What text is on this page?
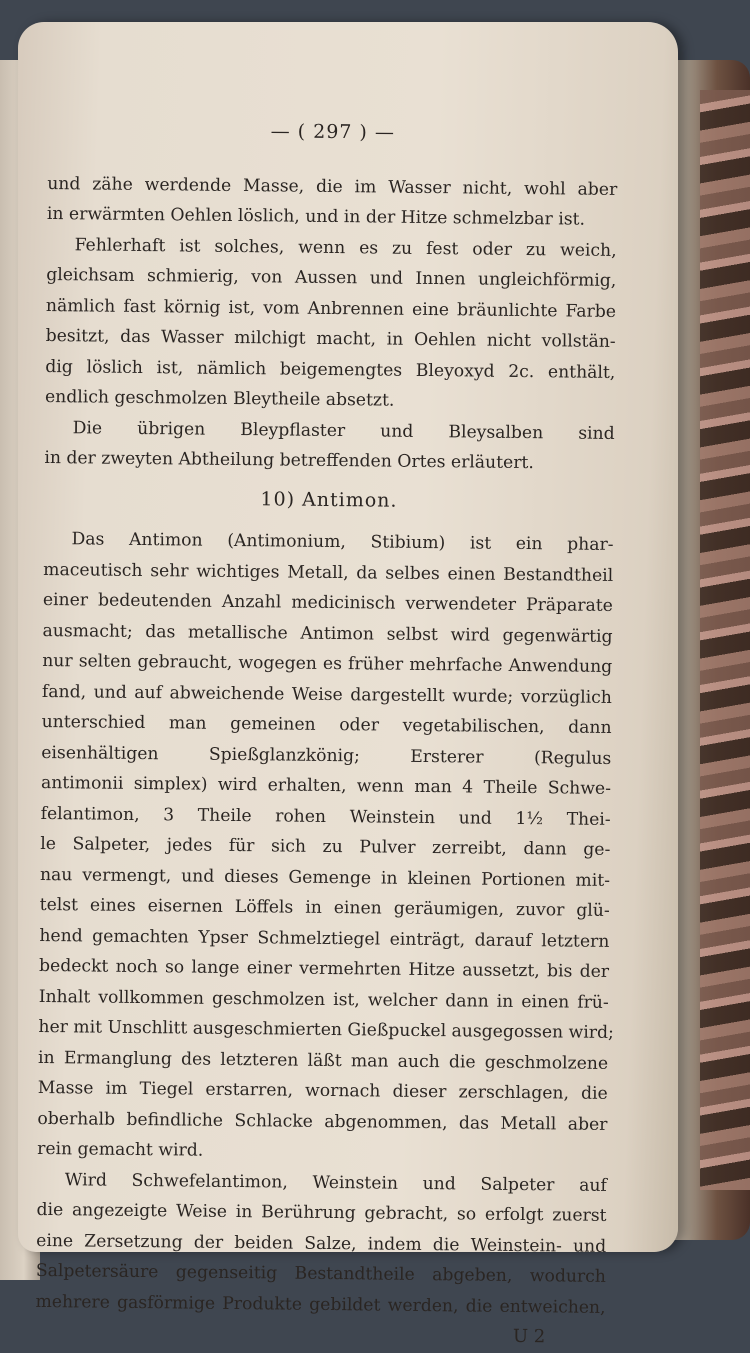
— ( 297 ) —
und zähe werdende Masse, die im Wasser nicht, wohl aber
in erwärmten Oehlen löslich, und in der Hitze schmelzbar ist.
Fehlerhaft ist solches, wenn es zu fest oder zu weich,
gleichsam schmierig, von Aussen und Innen ungleichförmig,
nämlich fast körnig ist, vom Anbrennen eine bräunlichte Farbe
besitzt, das Wasser milchigt macht, in Oehlen nicht vollstän-
dig löslich ist, nämlich beigemengtes Bleyoxyd 2c. enthält,
endlich geschmolzen Bleytheile absetzt.
Die übrigen Bleypflaster und Bleysalben sind
in der zweyten Abtheilung betreffenden Ortes erläutert.
10) Antimon.
Das Antimon (Antimonium, Stibium) ist ein phar-
maceutisch sehr wichtiges Metall, da selbes einen Bestandtheil
einer bedeutenden Anzahl medicinisch verwendeter Präparate
ausmacht; das metallische Antimon selbst wird gegenwärtig
nur selten gebraucht, wogegen es früher mehrfache Anwendung
fand, und auf abweichende Weise dargestellt wurde; vorzüglich
unterschied man gemeinen oder vegetabilischen, dann
eisenhältigen Spießglanzkönig; Ersterer (Regulus
antimonii simplex) wird erhalten, wenn man 4 Theile Schwe-
felantimon, 3 Theile rohen Weinstein und 1½ Thei-
le Salpeter, jedes für sich zu Pulver zerreibt, dann ge-
nau vermengt, und dieses Gemenge in kleinen Portionen mit-
telst eines eisernen Löffels in einen geräumigen, zuvor glü-
hend gemachten Ypser Schmelztiegel einträgt, darauf letztern
bedeckt noch so lange einer vermehrten Hitze aussetzt, bis der
Inhalt vollkommen geschmolzen ist, welcher dann in einen frü-
her mit Unschlitt ausgeschmierten Gießpuckel ausgegossen wird;
in Ermanglung des letzteren läßt man auch die geschmolzene
Masse im Tiegel erstarren, wornach dieser zerschlagen, die
oberhalb befindliche Schlacke abgenommen, das Metall aber
rein gemacht wird.
Wird Schwefelantimon, Weinstein und Salpeter auf
die angezeigte Weise in Berührung gebracht, so erfolgt zuerst
eine Zersetzung der beiden Salze, indem die Weinstein- und
Salpetersäure gegenseitig Bestandtheile abgeben, wodurch
mehrere gasförmige Produkte gebildet werden, die entweichen,
U 2
